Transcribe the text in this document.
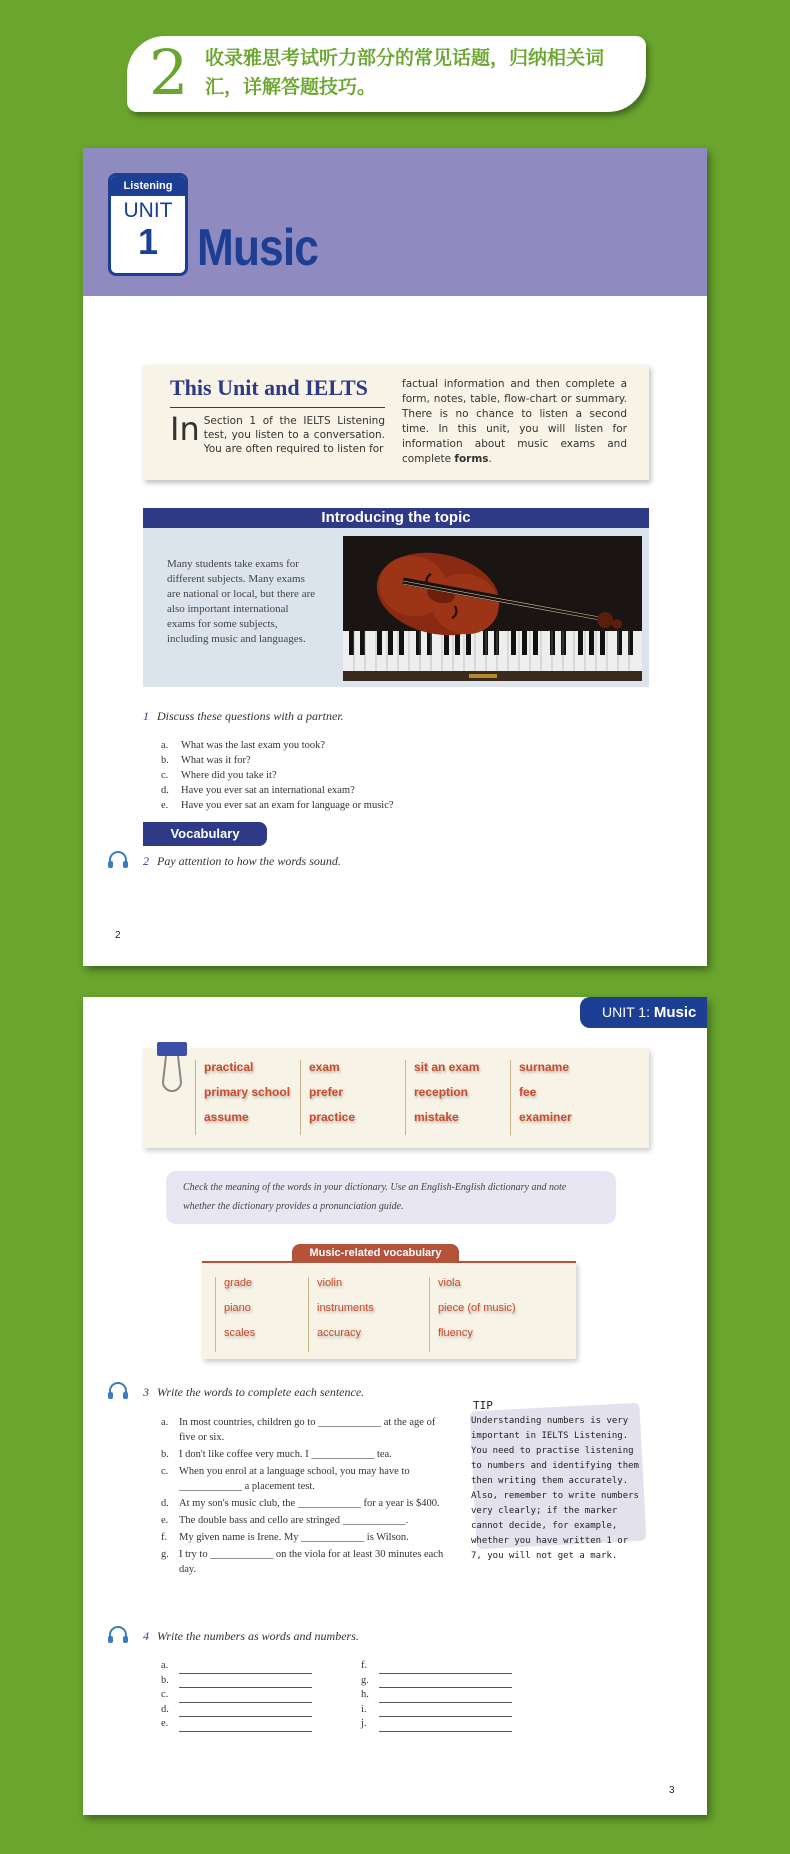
2 收录雅思考试听力部分的常见话题，归纳相关词汇，详解答题技巧。
Listening
UNIT
1 Music
This Unit and IELTS
In Section 1 of the IELTS Listening test, you listen to a conversation. You are often required to listen for
factual information and then complete a form, notes, table, flow-chart or summary. There is no chance to listen a second time. In this unit, you will listen for information about music exams and complete forms.
Introducing the topic
Many students take exams for different subjects. Many exams are national or local, but there are also important international exams for some subjects, including music and languages.
1 Discuss these questions with a partner.
a.	What was the last exam you took?
b.	What was it for?
c.	Where did you take it?
d.	Have you ever sat an international exam?
e.	Have you ever sat an exam for language or music?
Vocabulary
2 Pay attention to how the words sound.
2
UNIT 1: Music
practical	exam	sit an exam	surname
primary school	prefer	reception	fee
assume	practice	mistake	examiner
Check the meaning of the words in your dictionary. Use an English-English dictionary and note whether the dictionary provides a pronunciation guide.
Music-related vocabulary
grade	violin	viola
piano	instruments	piece (of music)
scales	accuracy	fluency
3 Write the words to complete each sentence.
a.	In most countries, children go to ____________ at the age of five or six.
b. I don't like coffee very much. I ____________ tea.
c.	When you enrol at a language school, you may have to ____________ a placement test.
d. At my son's music club, the ____________ for a year is $400.
e.	The double bass and cello are stringed ____________.
f.	My given name is Irene. My ____________ is Wilson.
g. I try to ____________ on the viola for at least 30 minutes each day.
TIP
Understanding numbers is very important in IELTS Listening. You need to practise listening to numbers and identifying them then writing them accurately. Also, remember to write numbers very clearly; if the marker cannot decide, for example, whether you have written 1 or 7, you will not get a mark.
4 Write the numbers as words and numbers.
a.
b.
c.
d.
e.
f.
g.
h.
i.
j.
3
